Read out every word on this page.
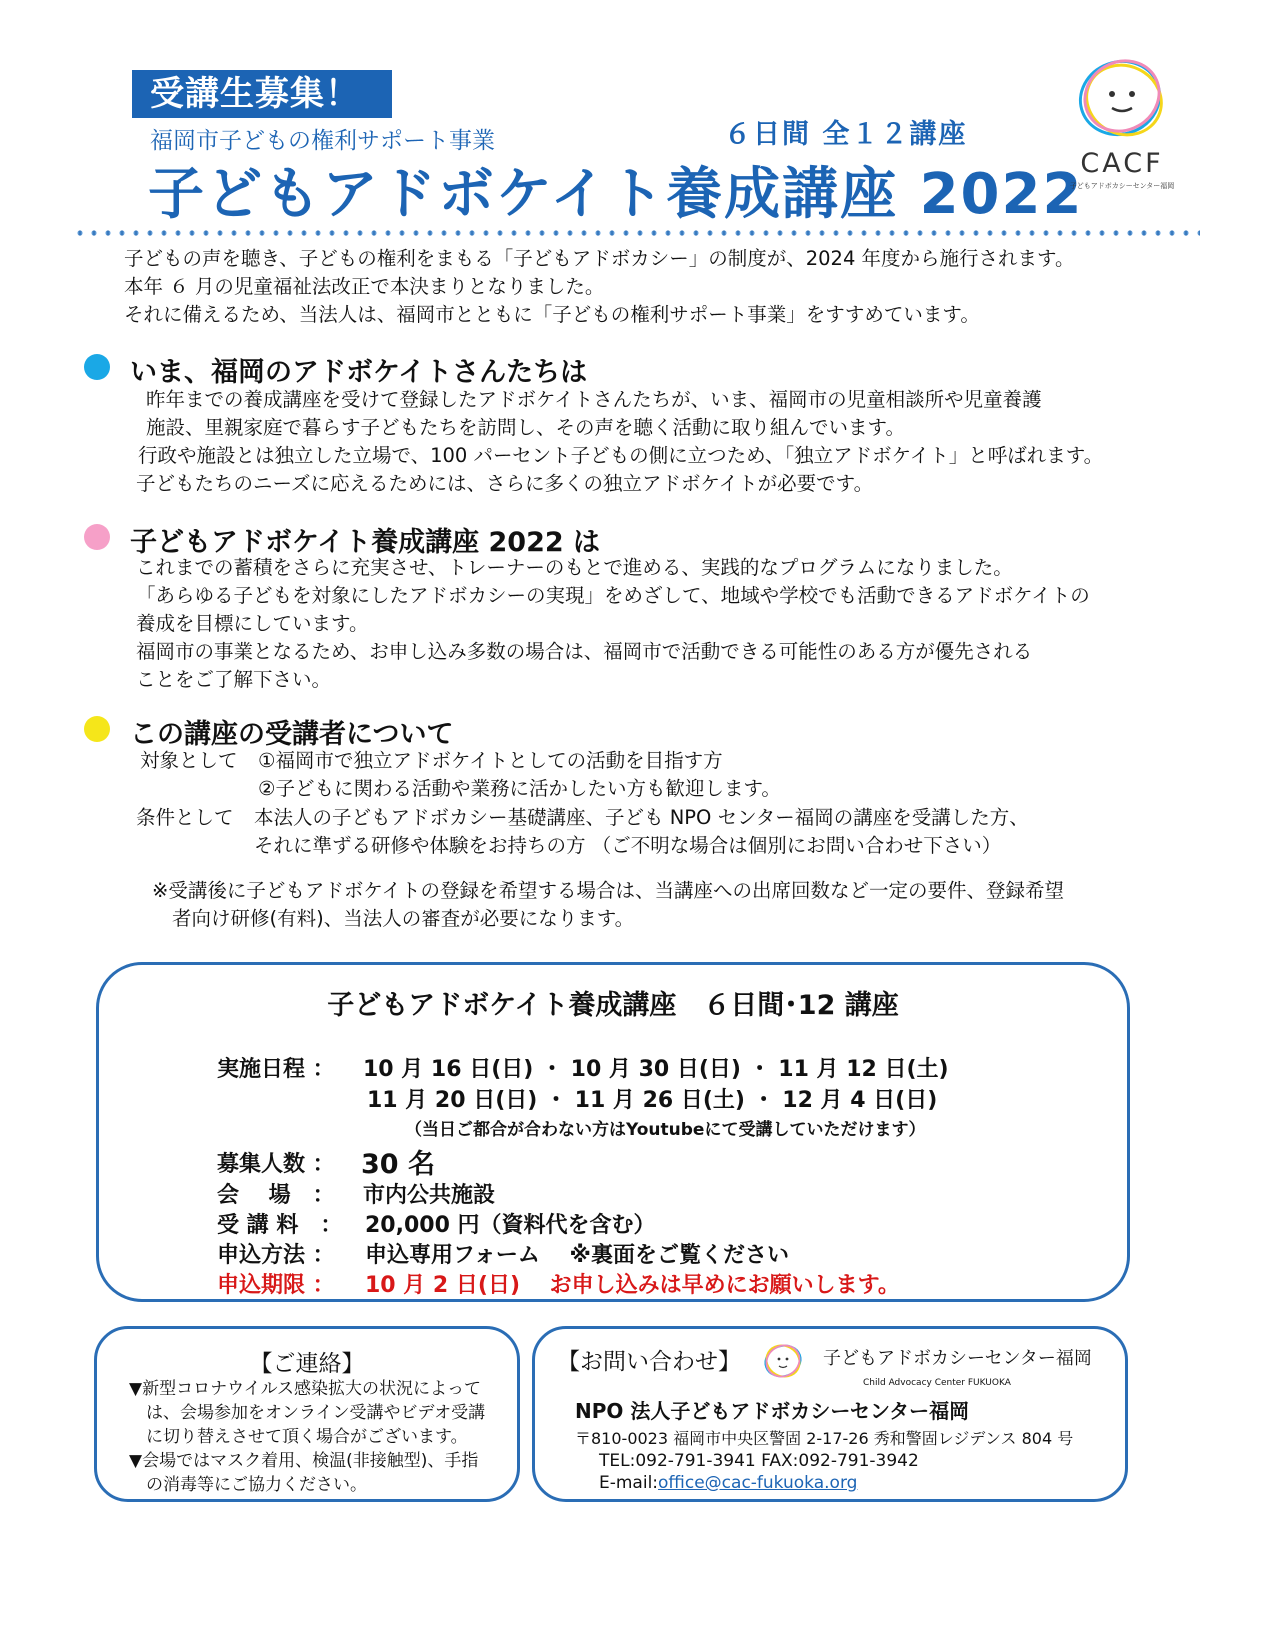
受講生募集！
福岡市子どもの権利サポート事業	６日間 全１２講座
子どもアドボケイト養成講座 2022
CACF
子どもアドボカシーセンター福岡
子どもの声を聴き、子どもの権利をまもる「子どもアドボカシー」の制度が、2024 年度から施行されます。
本年 ６ 月の児童福祉法改正で本決まりとなりました。
それに備えるため、当法人は、福岡市とともに「子どもの権利サポート事業」をすすめています。
いま、福岡のアドボケイトさんたちは
昨年までの養成講座を受けて登録したアドボケイトさんたちが、いま、福岡市の児童相談所や児童養護
施設、里親家庭で暮らす子どもたちを訪問し、その声を聴く活動に取り組んでいます。
行政や施設とは独立した立場で、100 パーセント子どもの側に立つため、「独立アドボケイト」と呼ばれます。
子どもたちのニーズに応えるためには、さらに多くの独立アドボケイトが必要です。
子どもアドボケイト養成講座 2022 は
これまでの蓄積をさらに充実させ、トレーナーのもとで進める、実践的なプログラムになりました。
「あらゆる子どもを対象にしたアドボカシーの実現」をめざして、地域や学校でも活動できるアドボケイトの
養成を目標にしています。
福岡市の事業となるため、お申し込み多数の場合は、福岡市で活動できる可能性のある方が優先される
ことをご了解下さい。
この講座の受講者について
対象として ①福岡市で独立アドボケイトとしての活動を目指す方
②子どもに関わる活動や業務に活かしたい方も歓迎します。
条件として 本法人の子どもアドボカシー基礎講座、子ども NPO センター福岡の講座を受講した方、
それに準ずる研修や体験をお持ちの方 （ご不明な場合は個別にお問い合わせ下さい）
※受講後に子どもアドボケイトの登録を希望する場合は、当講座への出席回数など一定の要件、登録希望
者向け研修(有料)、当法人の審査が必要になります。
子どもアドボケイト養成講座　６日間･12 講座
実施日程 ： 10 月 16 日(日) ・ 10 月 30 日(日) ・ 11 月 12 日(土)
11 月 20 日(日) ・ 11 月 26 日(土) ・ 12 月 4 日(日)
（当日ご都合が合わない方はYoutubeにて受講していただけます）
募集人数 ： 30 名
会　 場　： 市内公共施設
受 講 料　： 20,000 円（資料代を含む）
申込方法 ： 申込専用フォーム　 ※裏面をご覧ください
申込期限 ： 10 月 2 日(日)　 お申し込みは早めにお願いします。
【ご連絡】
▼新型コロナウイルス感染拡大の状況によって
　は、会場参加をオンライン受講やビデオ受講
　に切り替えさせて頂く場合がございます。
▼会場ではマスク着用、検温(非接触型)、手指
　の消毒等にご協力ください。
【お問い合わせ】	子どもアドボカシーセンター福岡
Child Advocacy Center FUKUOKA
NPO 法人子どもアドボカシーセンター福岡
〒810-0023 福岡市中央区警固 2-17-26 秀和警固レジデンス 804 号
TEL:092-791-3941 FAX:092-791-3942
E-mail:office@cac-fukuoka.org
